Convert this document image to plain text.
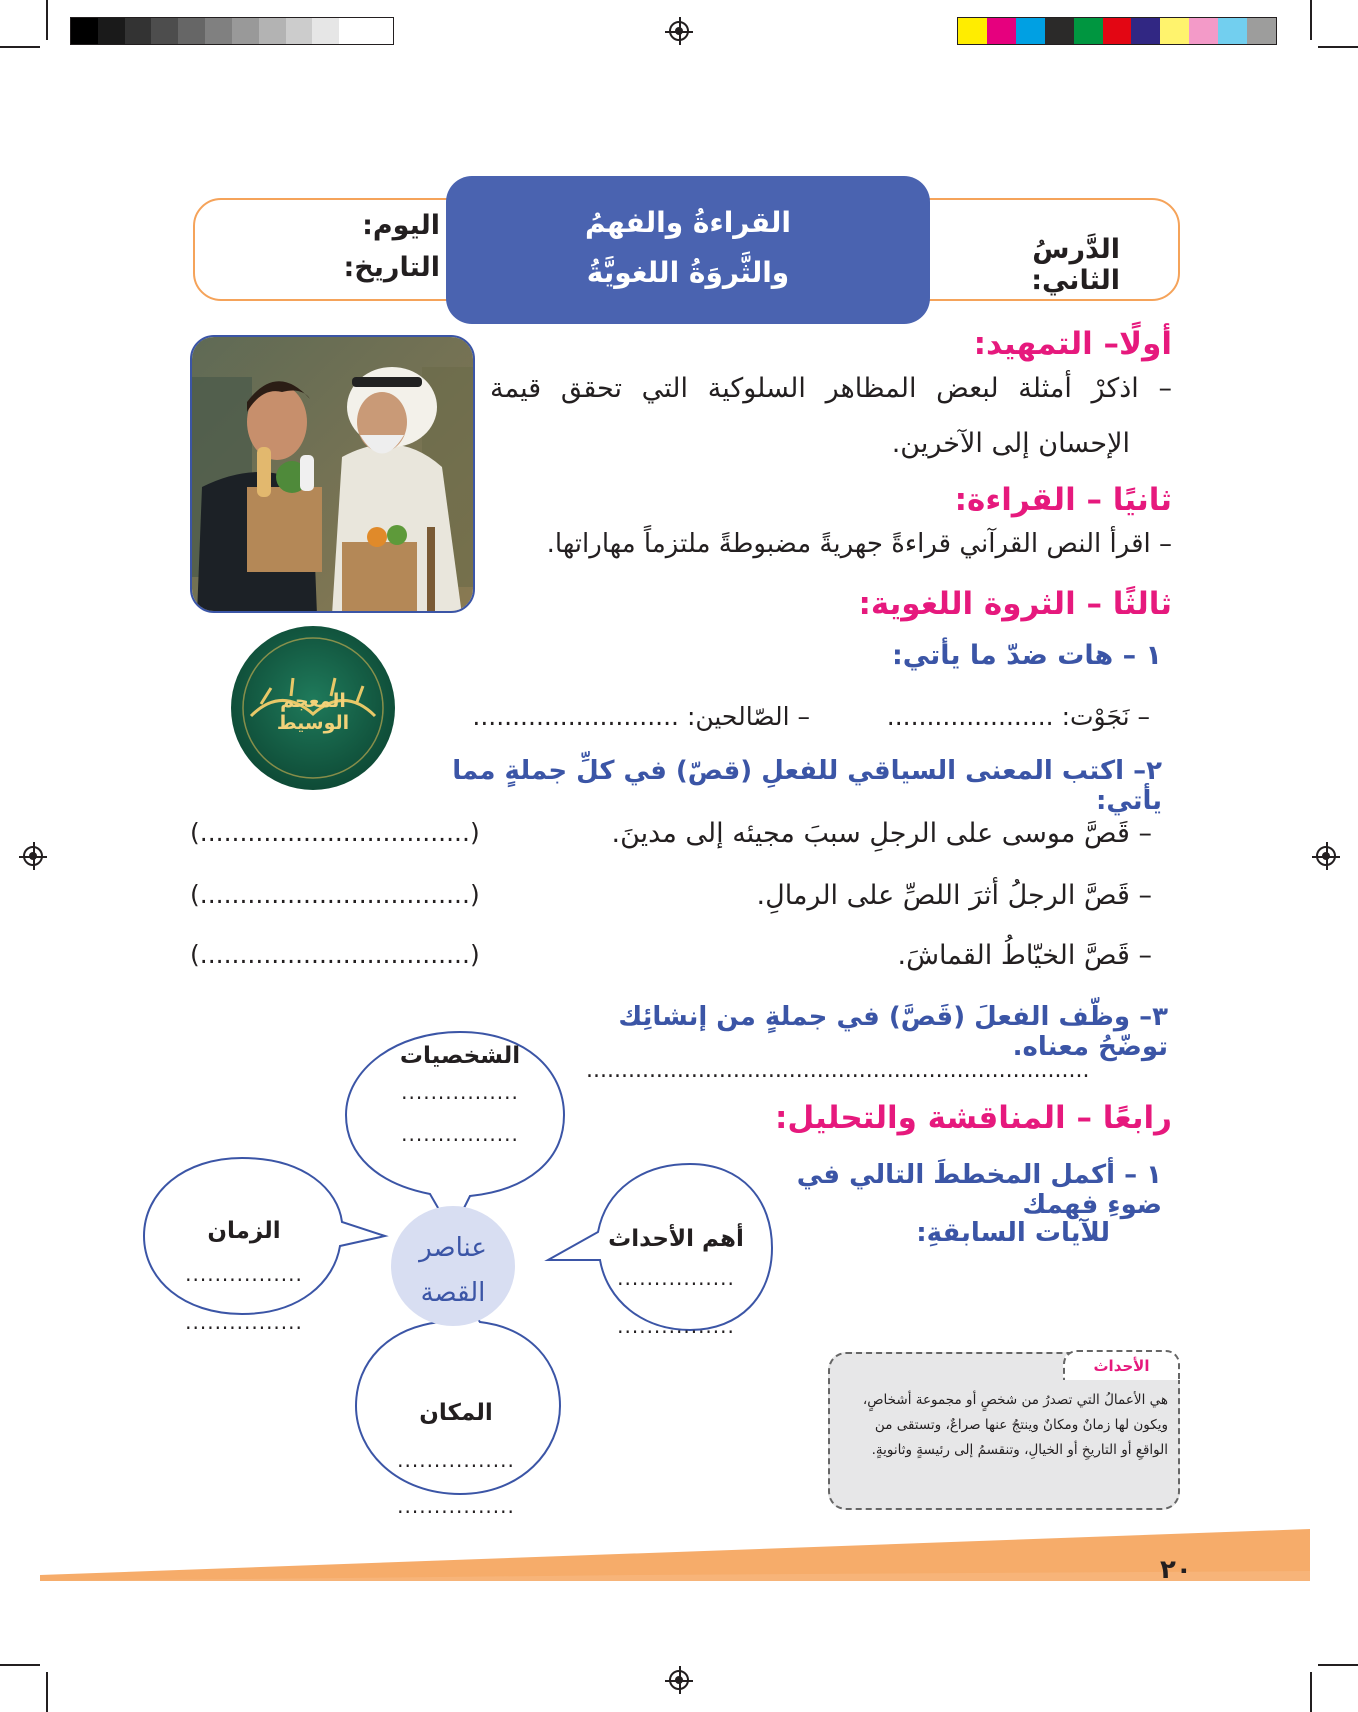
الدَّرسُ الثاني:
اليوم:
التاريخ:
القراءةُ والفهمُ
والثَّروَةُ اللغويَّةُ
أولًا– التمهيد:
– اذكرْ أمثلة لبعض المظاهر السلوكية التي تحقق قيمة
الإحسان إلى الآخرين.
ثانيًا – القراءة:
– اقرأ النص القرآني قراءةً جهريةً مضبوطةً ملتزماً مهاراتها.
ثالثًا – الثروة اللغوية:
١ – هات ضدّ ما يأتي:
المعجم الوسيط	– نَجَوْت: .....................
– الصّالحين: ..........................
٢– اكتب المعنى السياقي للفعلِ (قصّ) في كلِّ جملةٍ مما يأتي:
– قَصَّ موسى على الرجلِ سببَ مجيئه إلى مدينَ.
(..................................)
– قَصَّ الرجلُ أثرَ اللصِّ على الرمالِ.
(..................................)
– قَصَّ الخيّاطُ القماشَ.
(..................................)
٣– وظّف الفعلَ (قَصَّ) في جملةٍ من إنشائِك توضّحُ معناه.
........................................................................
رابعًا – المناقشة والتحليل:
١ – أكمل المخططَ التالي في ضوءِ فهمك
للآيات السابقةِ:
عناصر
القصة
الشخصيات
................
................
أهم الأحداث
................
................
الزمان
................
................
المكان
................
................
الأحداث
هي الأعمالُ التي تصدرُ من شخصٍ أو مجموعة أشخاصٍ، ويكون لها زمانٌ ومكانٌ وينتجُ عنها صراعٌ، وتستقى من الواقعِ أو التاريخِ أو الخيالِ، وتنقسمُ إلى رئيسةٍ وثانويةٍ.
٢٠
